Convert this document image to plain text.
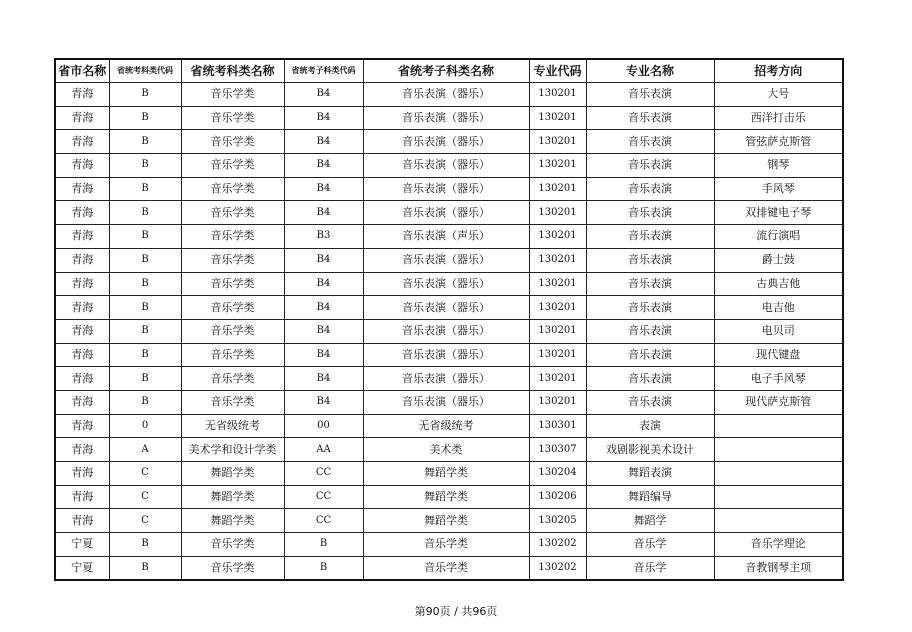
省市名称	省统考科类代码	省统考科类名称	省统考子科类代码	省统考子科类名称	专业代码	专业名称	招考方向
青海	B	音乐学类	B4	音乐表演（器乐）	130201	音乐表演	大号
青海	B	音乐学类	B4	音乐表演（器乐）	130201	音乐表演	西洋打击乐
青海	B	音乐学类	B4	音乐表演（器乐）	130201	音乐表演	管弦萨克斯管
青海	B	音乐学类	B4	音乐表演（器乐）	130201	音乐表演	钢琴
青海	B	音乐学类	B4	音乐表演（器乐）	130201	音乐表演	手风琴
青海	B	音乐学类	B4	音乐表演（器乐）	130201	音乐表演	双排键电子琴
青海	B	音乐学类	B3	音乐表演（声乐）	130201	音乐表演	流行演唱
青海	B	音乐学类	B4	音乐表演（器乐）	130201	音乐表演	爵士鼓
青海	B	音乐学类	B4	音乐表演（器乐）	130201	音乐表演	古典吉他
青海	B	音乐学类	B4	音乐表演（器乐）	130201	音乐表演	电吉他
青海	B	音乐学类	B4	音乐表演（器乐）	130201	音乐表演	电贝司
青海	B	音乐学类	B4	音乐表演（器乐）	130201	音乐表演	现代键盘
青海	B	音乐学类	B4	音乐表演（器乐）	130201	音乐表演	电子手风琴
青海	B	音乐学类	B4	音乐表演（器乐）	130201	音乐表演	现代萨克斯管
青海	0	无省级统考	00	无省级统考	130301	表演	
青海	A	美术学和设计学类	AA	美术类	130307	戏剧影视美术设计	
青海	C	舞蹈学类	CC	舞蹈学类	130204	舞蹈表演	
青海	C	舞蹈学类	CC	舞蹈学类	130206	舞蹈编导	
青海	C	舞蹈学类	CC	舞蹈学类	130205	舞蹈学	
宁夏	B	音乐学类	B	音乐学类	130202	音乐学	音乐学理论
宁夏	B	音乐学类	B	音乐学类	130202	音乐学	音教钢琴主项
第90页 / 共96页
